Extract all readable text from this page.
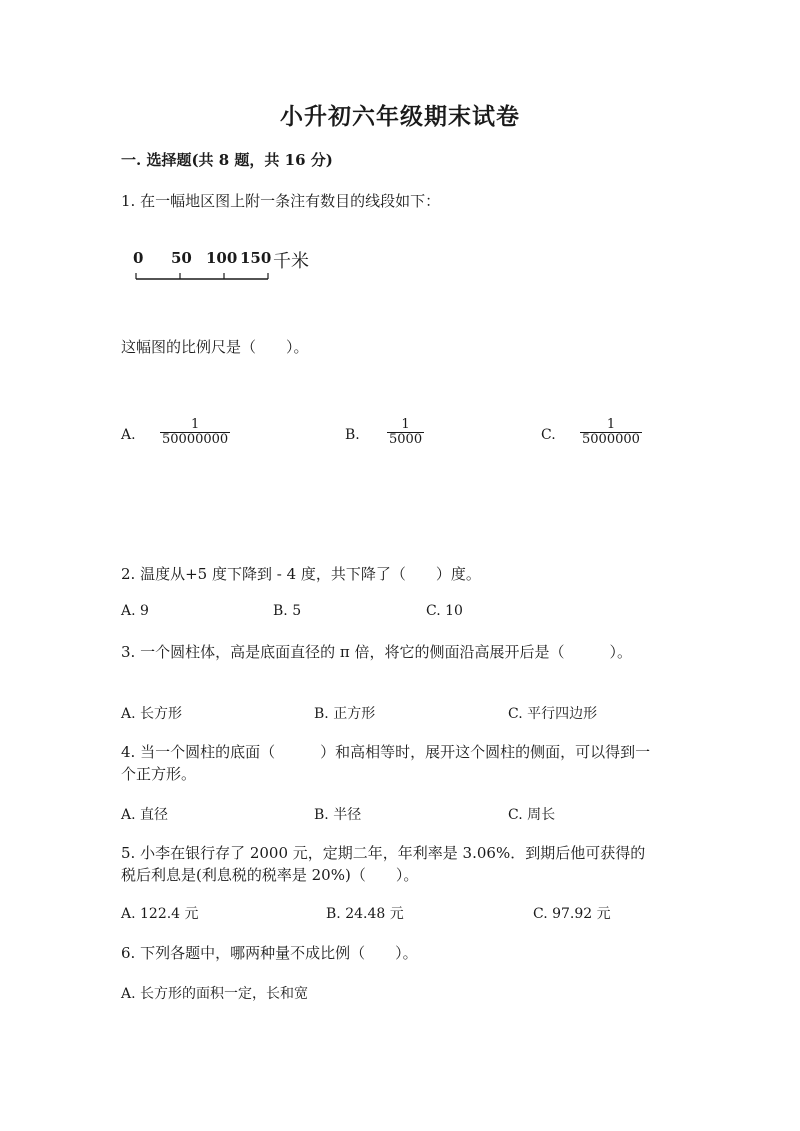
小升初六年级期末试卷
一. 选择题(共 8 题，共 16 分)
1. 在一幅地区图上附一条注有数目的线段如下：
0 50 100 150 千米
这幅图的比例尺是（　　）。
A.
1
50000000	B.
1
5000	C.
1
5000000
2. 温度从+5 度下降到 - 4 度，共下降了（　　）度。
A. 9	B. 5	C. 10
3. 一个圆柱体，高是底面直径的 π 倍，将它的侧面沿高展开后是（　　　）。
A. 长方形	B. 正方形	C. 平行四边形
4. 当一个圆柱的底面（　　　）和高相等时，展开这个圆柱的侧面，可以得到一
个正方形。
A. 直径	B. 半径	C. 周长
5. 小李在银行存了 2000 元，定期二年，年利率是 3.06%．到期后他可获得的
税后利息是(利息税的税率是 20%)（　　）。
A. 122.4 元	B. 24.48 元	C. 97.92 元
6. 下列各题中，哪两种量不成比例（　　）。
A. 长方形的面积一定，长和宽
